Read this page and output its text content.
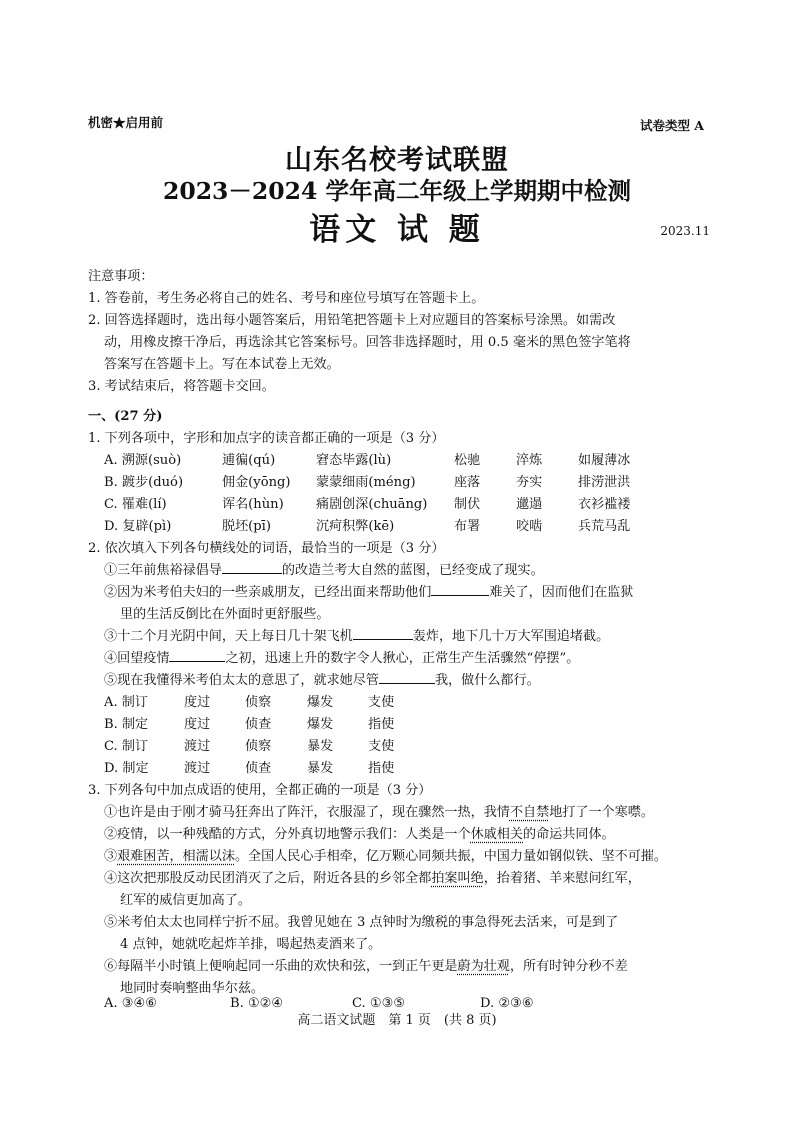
机密★启用前	试卷类型 A
山东名校考试联盟
2023－2024 学年高二年级上学期期中检测
语文 试 题	2023.11
注意事项：
1. 答卷前，考生务必将自己的姓名、考号和座位号填写在答题卡上。
2. 回答选择题时，选出每小题答案后，用铅笔把答题卡上对应题目的答案标号涂黑。如需改
动，用橡皮擦干净后，再选涂其它答案标号。回答非选择题时，用 0.5 毫米的黑色签字笔将
答案写在答题卡上。写在本试卷上无效。
3. 考试结束后，将答题卡交回。
一、(27 分)
1. 下列各项中，字形和加点字的读音都正确的一项是（3 分）
A. 溯源(suò)	逋徧(qú)	窘态毕露(lù)	松驰	淬炼	如履薄冰
B. 踱步(duó)	佣金(yōng) 蒙蒙细雨(méng)	座落	夯实	排涝泄洪
C. 罹难(lí)	诨名(hùn) 痛剧创深(chuāng) 制伏	邋遢	衣衫褴褛
D. 复辟(pì)	脱坯(pī)	沉疴积弊(kē)	布署	咬啮	兵荒马乱
2. 依次填入下列各句横线处的词语，最恰当的一项是（3 分）
①三年前焦裕禄倡导	的改造兰考大自然的蓝图，已经变成了现实。
②因为米考伯夫妇的一些亲戚朋友，已经出面来帮助他们	难关了，因而他们在监狱
里的生活反倒比在外面时更舒服些。
③十二个月光阴中间，天上每日几十架飞机	轰炸，地下几十万大军围追堵截。
④回望疫情	之初，迅速上升的数字令人揪心，正常生产生活骤然“停摆”。
⑤现在我懂得米考伯太太的意思了，就求她尽管	我，做什么都行。
A. 制订	度过	侦察	爆发	支使
B. 制定	度过	侦查	爆发	指使
C. 制订	渡过	侦察	暴发	支使
D. 制定	渡过	侦查	暴发	指使
3. 下列各句中加点成语的使用，全都正确的一项是（3 分）
①也许是由于刚才骑马狂奔出了阵汗，衣服湿了，现在骤然一热，我情不自禁地打了一个寒噤。
②疫情，以一种残酷的方式，分外真切地警示我们：人类是一个休戚相关的命运共同体。
③艰难困苦，相濡以沫。全国人民心手相牵，亿万颗心同频共振，中国力量如钢似铁、坚不可摧。
④这次把那股反动民团消灭了之后，附近各县的乡邻全都拍案叫绝，抬着猪、羊来慰问红军，
红军的威信更加高了。
⑤米考伯太太也同样宁折不屈。我曾见她在 3 点钟时为缴税的事急得死去活来，可是到了
4 点钟，她就吃起炸羊排，喝起热麦酒来了。
⑥每隔半小时镇上便响起同一乐曲的欢快和弦，一到正午更是蔚为壮观，所有时钟分秒不差
地同时奏响整曲华尔兹。
A. ③④⑥	B. ①②④	C. ①③⑤	D. ②③⑥
高二语文试题　第 1 页　(共 8 页)
